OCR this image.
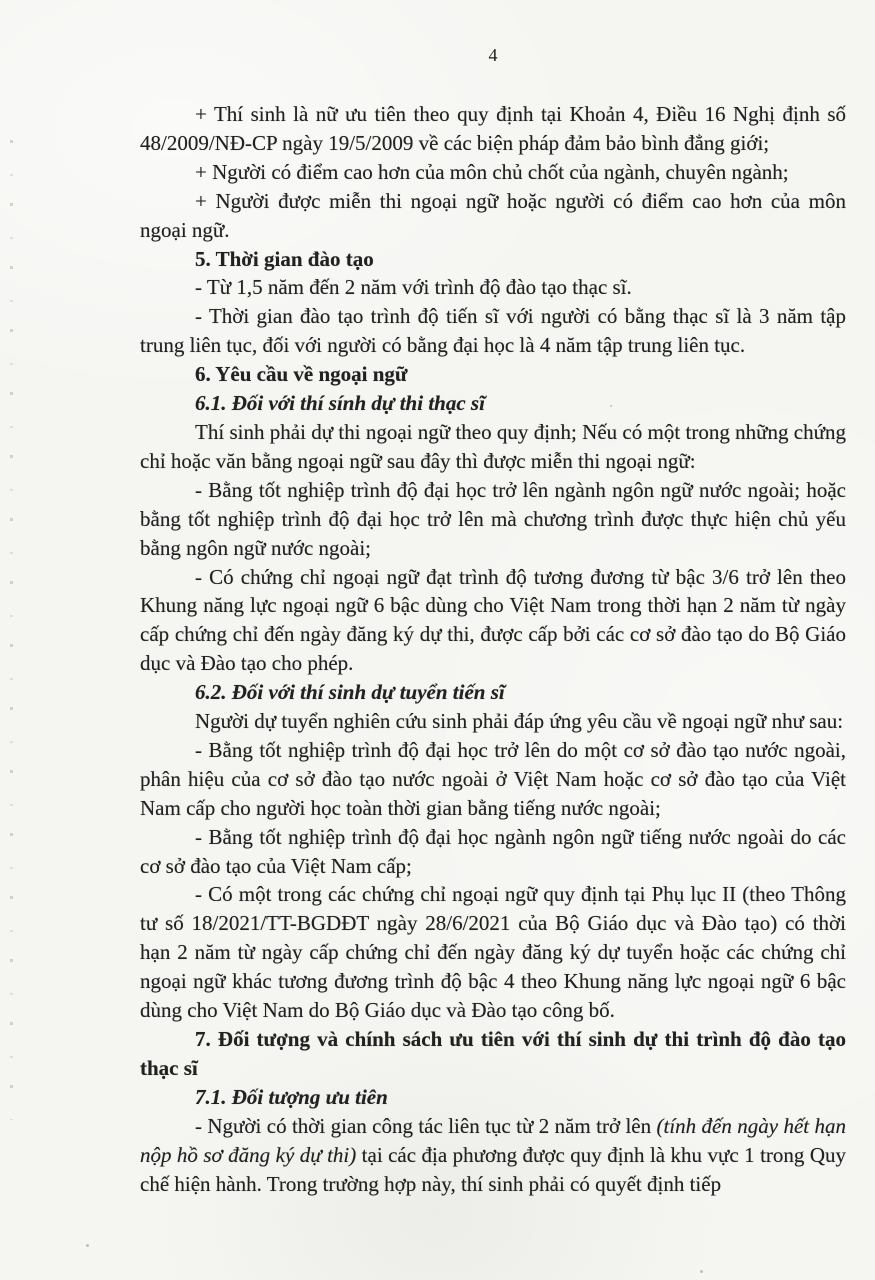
4

+ Thí sinh là nữ ưu tiên theo quy định tại Khoản 4, Điều 16 Nghị định số 48/2009/NĐ-CP ngày 19/5/2009 về các biện pháp đảm bảo bình đẳng giới;

+ Người có điểm cao hơn của môn chủ chốt của ngành, chuyên ngành;

+ Người được miễn thi ngoại ngữ hoặc người có điểm cao hơn của môn ngoại ngữ.

5. Thời gian đào tạo

- Từ 1,5 năm đến 2 năm với trình độ đào tạo thạc sĩ.

- Thời gian đào tạo trình độ tiến sĩ với người có bằng thạc sĩ là 3 năm tập trung liên tục, đối với người có bằng đại học là 4 năm tập trung liên tục.

6. Yêu cầu về ngoại ngữ

6.1. Đối với thí sính dự thi thạc sĩ

Thí sinh phải dự thi ngoại ngữ theo quy định; Nếu có một trong những chứng chỉ hoặc văn bằng ngoại ngữ sau đây thì được miễn thi ngoại ngữ:

- Bằng tốt nghiệp trình độ đại học trở lên ngành ngôn ngữ nước ngoài; hoặc bằng tốt nghiệp trình độ đại học trở lên mà chương trình được thực hiện chủ yếu bằng ngôn ngữ nước ngoài;

- Có chứng chỉ ngoại ngữ đạt trình độ tương đương từ bậc 3/6 trở lên theo Khung năng lực ngoại ngữ 6 bậc dùng cho Việt Nam trong thời hạn 2 năm từ ngày cấp chứng chỉ đến ngày đăng ký dự thi, được cấp bởi các cơ sở đào tạo do Bộ Giáo dục và Đào tạo cho phép.

6.2. Đối với thí sinh dự tuyển tiến sĩ

Người dự tuyển nghiên cứu sinh phải đáp ứng yêu cầu về ngoại ngữ như sau:

- Bằng tốt nghiệp trình độ đại học trở lên do một cơ sở đào tạo nước ngoài, phân hiệu của cơ sở đào tạo nước ngoài ở Việt Nam hoặc cơ sở đào tạo của Việt Nam cấp cho người học toàn thời gian bằng tiếng nước ngoài;

- Bằng tốt nghiệp trình độ đại học ngành ngôn ngữ tiếng nước ngoài do các cơ sở đào tạo của Việt Nam cấp;

- Có một trong các chứng chỉ ngoại ngữ quy định tại Phụ lục II (theo Thông tư số 18/2021/TT-BGDĐT ngày 28/6/2021 của Bộ Giáo dục và Đào tạo) có thời hạn 2 năm từ ngày cấp chứng chỉ đến ngày đăng ký dự tuyển hoặc các chứng chỉ ngoại ngữ khác tương đương trình độ bậc 4 theo Khung năng lực ngoại ngữ 6 bậc dùng cho Việt Nam do Bộ Giáo dục và Đào tạo công bố.

7. Đối tượng và chính sách ưu tiên với thí sinh dự thi trình độ đào tạo thạc sĩ

7.1. Đối tượng ưu tiên

- Người có thời gian công tác liên tục từ 2 năm trở lên (tính đến ngày hết hạn nộp hồ sơ đăng ký dự thi) tại các địa phương được quy định là khu vực 1 trong Quy chế hiện hành. Trong trường hợp này, thí sinh phải có quyết định tiếp
